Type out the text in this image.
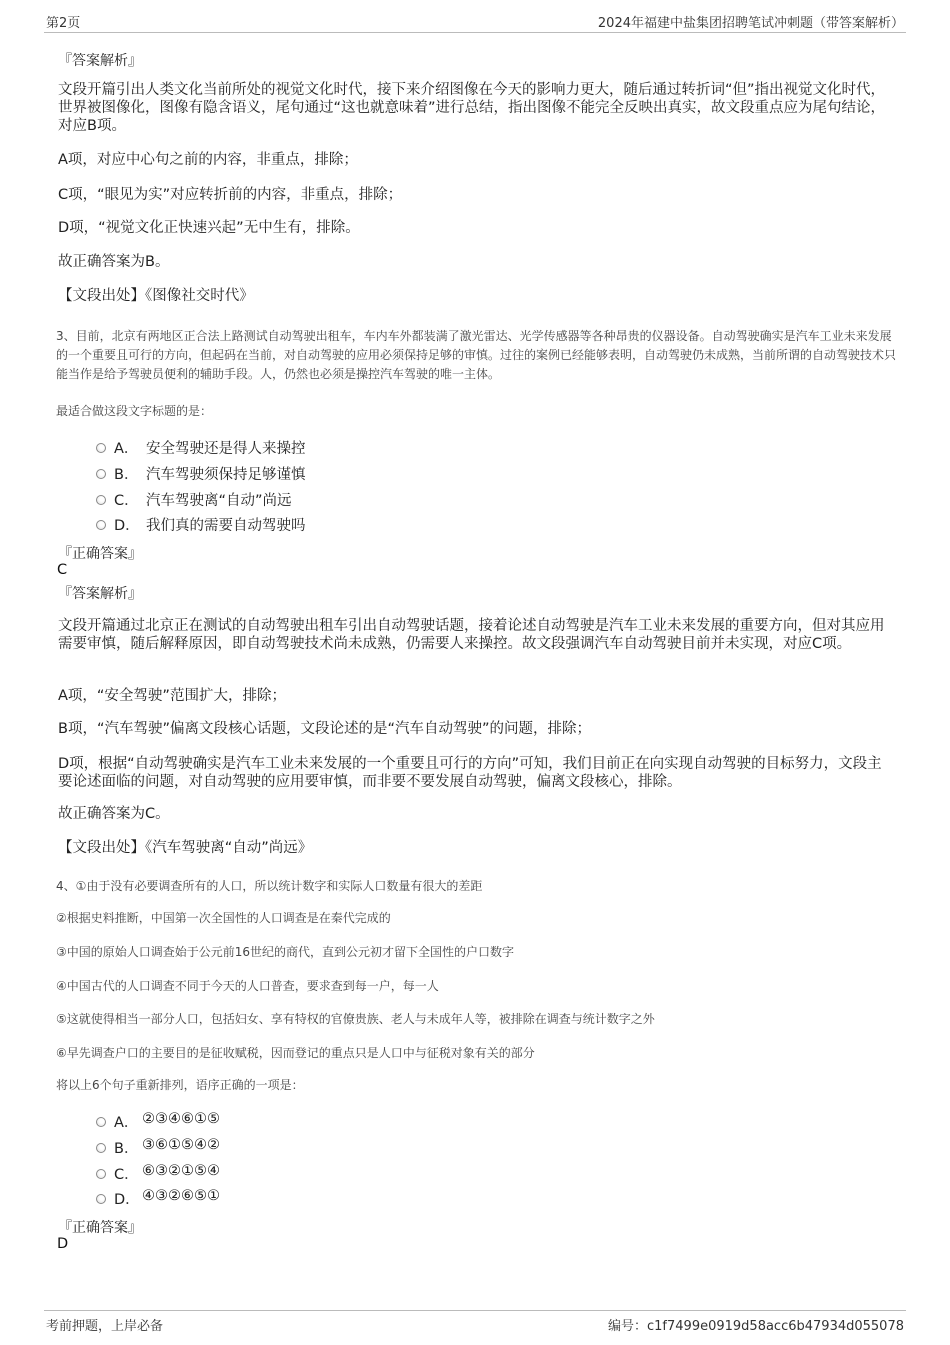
第2页	2024年福建中盐集团招聘笔试冲刺题（带答案解析）
『答案解析』
文段开篇引出人类文化当前所处的视觉文化时代，接下来介绍图像在今天的影响力更大，随后通过转折词“但”指出视觉文化时代，世界被图像化，图像有隐含语义，尾句通过“这也就意味着”进行总结，指出图像不能完全反映出真实，故文段重点应为尾句结论，对应B项。
A项，对应中心句之前的内容，非重点，排除；
C项，“眼见为实”对应转折前的内容，非重点，排除；
D项，“视觉文化正快速兴起”无中生有，排除。
故正确答案为B。
【文段出处】《图像社交时代》
3、目前，北京有两地区正合法上路测试自动驾驶出租车，车内车外都装满了激光雷达、光学传感器等各种昂贵的仪器设备。自动驾驶确实是汽车工业未来发展的一个重要且可行的方向，但起码在当前，对自动驾驶的应用必须保持足够的审慎。过往的案例已经能够表明，自动驾驶仍未成熟，当前所谓的自动驾驶技术只能当作是给予驾驶员便利的辅助手段。人，仍然也必须是操控汽车驾驶的唯一主体。
最适合做这段文字标题的是：
A． 安全驾驶还是得人来操控
B． 汽车驾驶须保持足够谨慎
C． 汽车驾驶离“自动”尚远
D． 我们真的需要自动驾驶吗
『正确答案』
C
『答案解析』
文段开篇通过北京正在测试的自动驾驶出租车引出自动驾驶话题，接着论述自动驾驶是汽车工业未来发展的重要方向，但对其应用需要审慎，随后解释原因，即自动驾驶技术尚未成熟，仍需要人来操控。故文段强调汽车自动驾驶目前并未实现，对应C项。
A项，“安全驾驶”范围扩大，排除；
B项，“汽车驾驶”偏离文段核心话题，文段论述的是“汽车自动驾驶”的问题，排除；
D项，根据“自动驾驶确实是汽车工业未来发展的一个重要且可行的方向”可知，我们目前正在向实现自动驾驶的目标努力，文段主要论述面临的问题，对自动驾驶的应用要审慎，而非要不要发展自动驾驶，偏离文段核心，排除。
故正确答案为C。
【文段出处】《汽车驾驶离“自动”尚远》
4、①由于没有必要调查所有的人口，所以统计数字和实际人口数量有很大的差距
②根据史料推断，中国第一次全国性的人口调查是在秦代完成的
③中国的原始人口调查始于公元前16世纪的商代，直到公元初才留下全国性的户口数字
④中国古代的人口调查不同于今天的人口普查，要求查到每一户，每一人
⑤这就使得相当一部分人口，包括妇女、享有特权的官僚贵族、老人与未成年人等，被排除在调查与统计数字之外
⑥早先调查户口的主要目的是征收赋税，因而登记的重点只是人口中与征税对象有关的部分
将以上6个句子重新排列，语序正确的一项是：
A． ②③④⑥①⑤
B． ③⑥①⑤④②
C． ⑥③②①⑤④
D． ④③②⑥⑤①
『正确答案』
D
考前押题，上岸必备	编号：c1f7499e0919d58acc6b47934d055078
